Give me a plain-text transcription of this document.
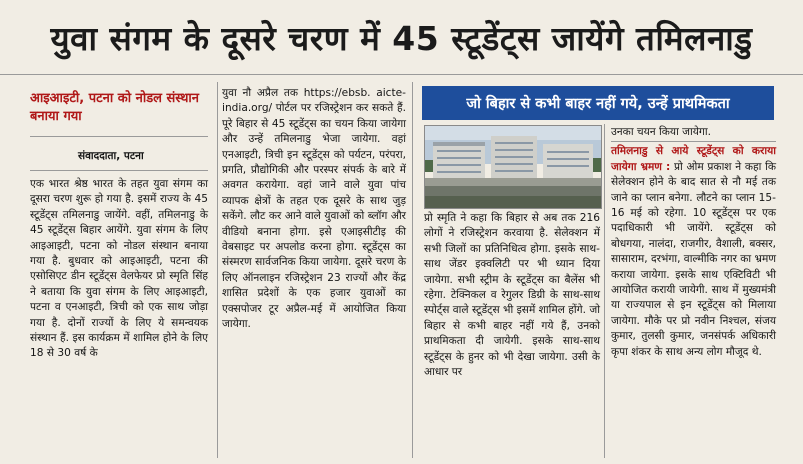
युवा संगम के दूसरे चरण में 45 स्टूडेंट्स जायेंगे तमिलनाडु
आइआइटी, पटना को नोडल संस्थान बनाया गया
संवाददाता, पटना

एक भारत श्रेष्ठ भारत के तहत युवा संगम का दूसरा चरण शुरू हो गया है. इसमें राज्य के 45 स्टूडेंट्स तमिलनाडु जायेंगे. वहीं, तमिलनाडु के 45 स्टूडेंट्स बिहार आयेंगे. युवा संगम के लिए आइआइटी, पटना को नोडल संस्थान बनाया गया है. बुधवार को आइआइटी, पटना की एसोसिएट डीन स्टूडेंट्स वेलफेयर प्रो स्मृति सिंह ने बताया कि युवा संगम के लिए आइआइटी, पटना व एनआइटी, त्रिची को एक साथ जोड़ा गया है. दोनों राज्यों के लिए ये समन्वयक संस्थान हैं. इस कार्यक्रम में शामिल होने के लिए 18 से 30 वर्ष के

युवा नौ अप्रैल तक https://ebsb. aicte-india.org/ पोर्टल पर रजिस्ट्रेशन कर सकते हैं. पूरे बिहार से 45 स्टूडेंट्स का चयन किया जायेगा और उन्हें तमिलनाडु भेजा जायेगा. वहां एनआइटी, त्रिची इन स्टूडेंट्स को पर्यटन, परंपरा, प्रगति, प्रौद्योगिकी और परस्पर संपर्क के बारे में अवगत करायेगा. वहां जाने वाले युवा पांच व्यापक क्षेत्रों के तहत एक दूसरे के साथ जुड़ सकेंगे. लौट कर आने वाले युवाओं को ब्लॉग और वीडियो बनाना होगा. इसे एआइसीटीइ की वेबसाइट पर अपलोड करना होगा. स्टूडेंट्स का संस्मरण सार्वजनिक किया जायेगा. दूसरे चरण के लिए ऑनलाइन रजिस्ट्रेशन 23 राज्यों और केंद्र शासित प्रदेशों के एक हजार युवाओं का एक्सपोजर टूर अप्रैल-मई में आयोजित किया जायेगा.

जो बिहार से कभी बाहर नहीं गये, उन्हें प्राथमिकता

प्रो स्मृति ने कहा कि बिहार से अब तक 216 लोगों ने रजिस्ट्रेशन करवाया है. सेलेक्शन में सभी जिलों का प्रतिनिधित्व होगा. इसके साथ-साथ जेंडर इक्वलिटी पर भी ध्यान दिया जायेगा. सभी स्ट्रीम के स्टूडेंट्स का बैलेंस भी रहेगा. टेक्निकल व रेगुलर डिग्री के साथ-साथ स्पोर्ट्स वाले स्टूडेंट्स भी इसमें शामिल होंगे. जो बिहार से कभी बाहर नहीं गये हैं, उनको प्राथमिकता दी जायेगी. इसके साथ-साथ स्टूडेंट्स के हुनर को भी देखा जायेगा. उसी के आधार पर

उनका चयन किया जायेगा.

तमिलनाडु से आये स्टूडेंट्स को कराया जायेगा भ्रमण : प्रो ओम प्रकाश ने कहा कि सेलेक्शन होने के बाद सात से नौ मई तक जाने का प्लान बनेगा. लौटने का प्लान 15-16 मई को रहेगा. 10 स्टूडेंट्स पर एक पदाधिकारी भी जायेंगे. स्टूडेंट्स को बोधगया, नालंदा, राजगीर, वैशाली, बक्सर, सासाराम, दरभंगा, वाल्मीकि नगर का भ्रमण कराया जायेगा. इसके साथ एक्टिविटी भी आयोजित करायी जायेगी. साथ में मुख्यमंत्री या राज्यपाल से इन स्टूडेंट्स को मिलाया जायेगा. मौके पर प्रो नवीन निश्चल, संजय कुमार, तुलसी कुमार, जनसंपर्क अधिकारी कृपा शंकर के साथ अन्य लोग मौजूद थे.
